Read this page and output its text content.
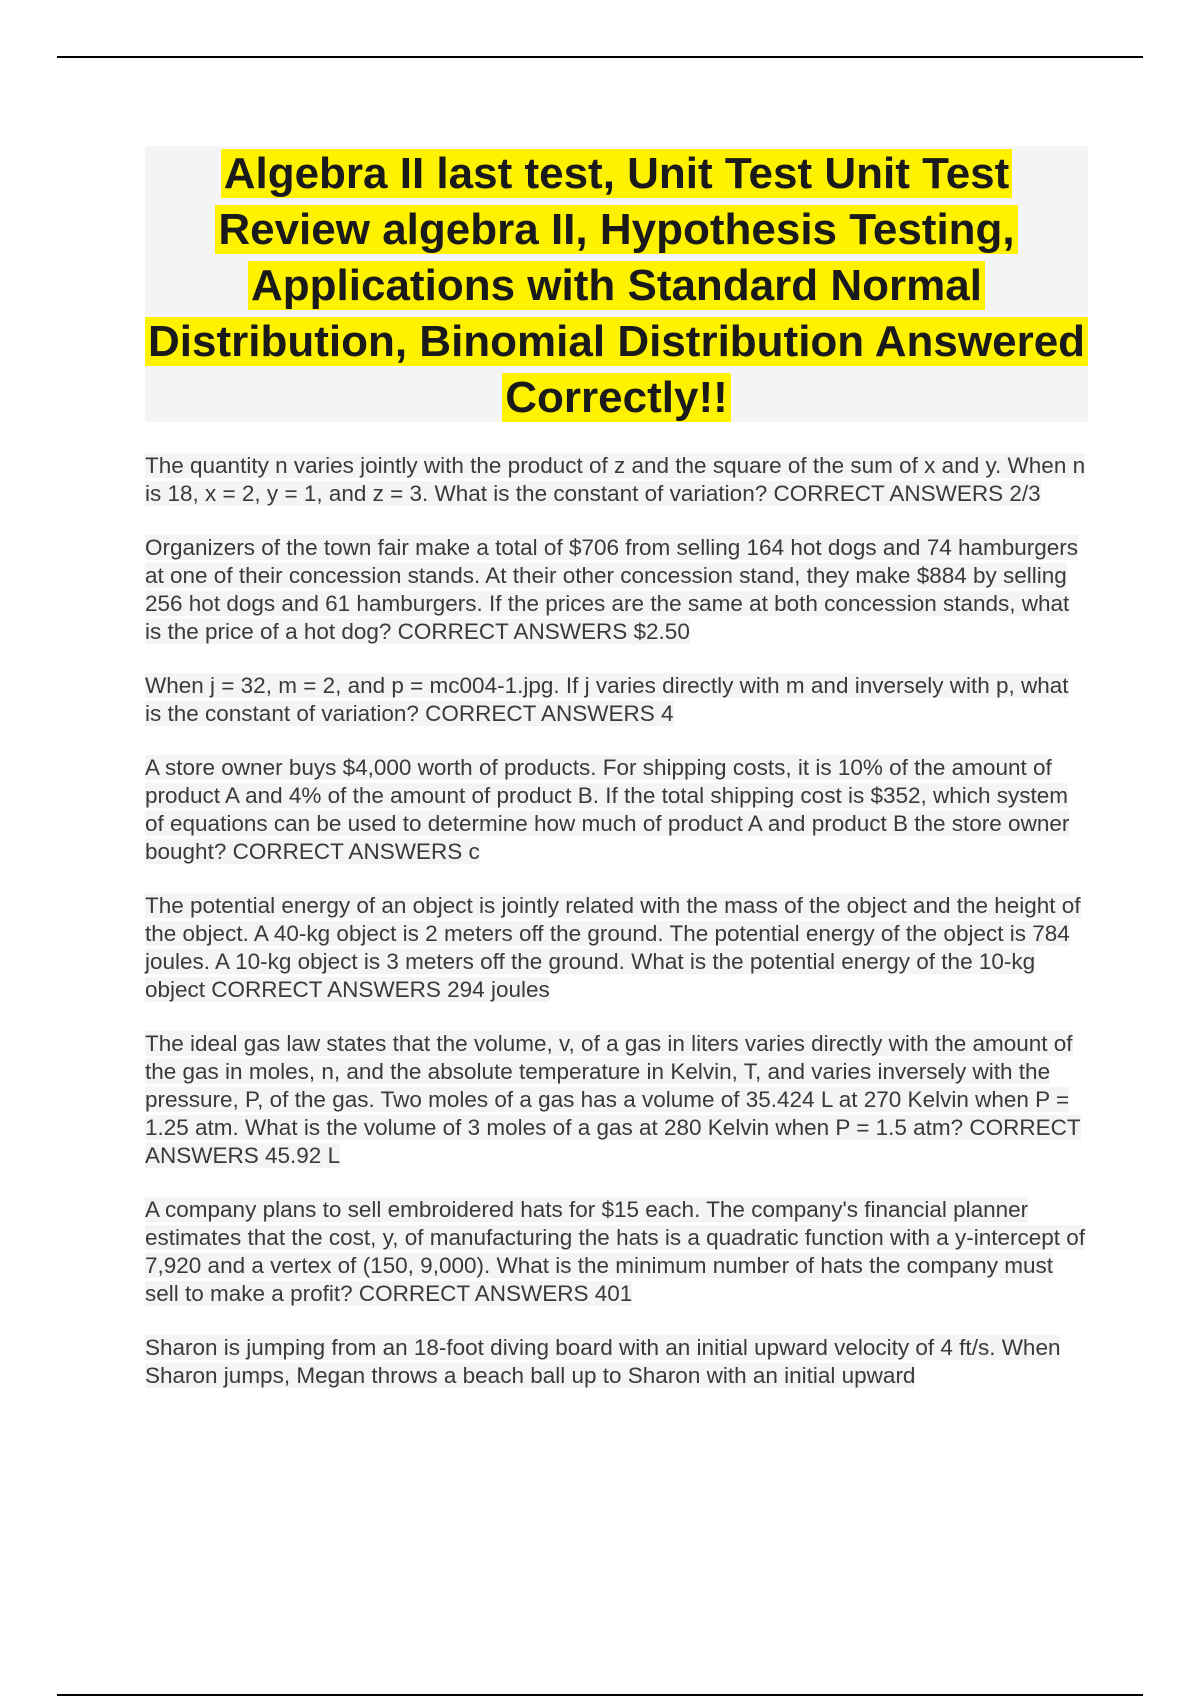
Algebra II last test, Unit Test Unit Test Review algebra II, Hypothesis Testing, Applications with Standard Normal Distribution, Binomial Distribution Answered Correctly!!

The quantity n varies jointly with the product of z and the square of the sum of x and y. When n is 18, x = 2, y = 1, and z = 3. What is the constant of variation? CORRECT ANSWERS 2/3

Organizers of the town fair make a total of $706 from selling 164 hot dogs and 74 hamburgers at one of their concession stands. At their other concession stand, they make $884 by selling 256 hot dogs and 61 hamburgers. If the prices are the same at both concession stands, what is the price of a hot dog? CORRECT ANSWERS $2.50

When j = 32, m = 2, and p = mc004-1.jpg. If j varies directly with m and inversely with p, what is the constant of variation? CORRECT ANSWERS 4

A store owner buys $4,000 worth of products. For shipping costs, it is 10% of the amount of product A and 4% of the amount of product B. If the total shipping cost is $352, which system of equations can be used to determine how much of product A and product B the store owner bought? CORRECT ANSWERS c

The potential energy of an object is jointly related with the mass of the object and the height of the object. A 40-kg object is 2 meters off the ground. The potential energy of the object is 784 joules. A 10-kg object is 3 meters off the ground. What is the potential energy of the 10-kg object CORRECT ANSWERS 294 joules

The ideal gas law states that the volume, v, of a gas in liters varies directly with the amount of the gas in moles, n, and the absolute temperature in Kelvin, T, and varies inversely with the pressure, P, of the gas. Two moles of a gas has a volume of 35.424 L at 270 Kelvin when P = 1.25 atm. What is the volume of 3 moles of a gas at 280 Kelvin when P = 1.5 atm? CORRECT ANSWERS 45.92 L

A company plans to sell embroidered hats for $15 each. The company's financial planner estimates that the cost, y, of manufacturing the hats is a quadratic function with a y-intercept of 7,920 and a vertex of (150, 9,000). What is the minimum number of hats the company must sell to make a profit? CORRECT ANSWERS 401

Sharon is jumping from an 18-foot diving board with an initial upward velocity of 4 ft/s. When Sharon jumps, Megan throws a beach ball up to Sharon with an initial upward
